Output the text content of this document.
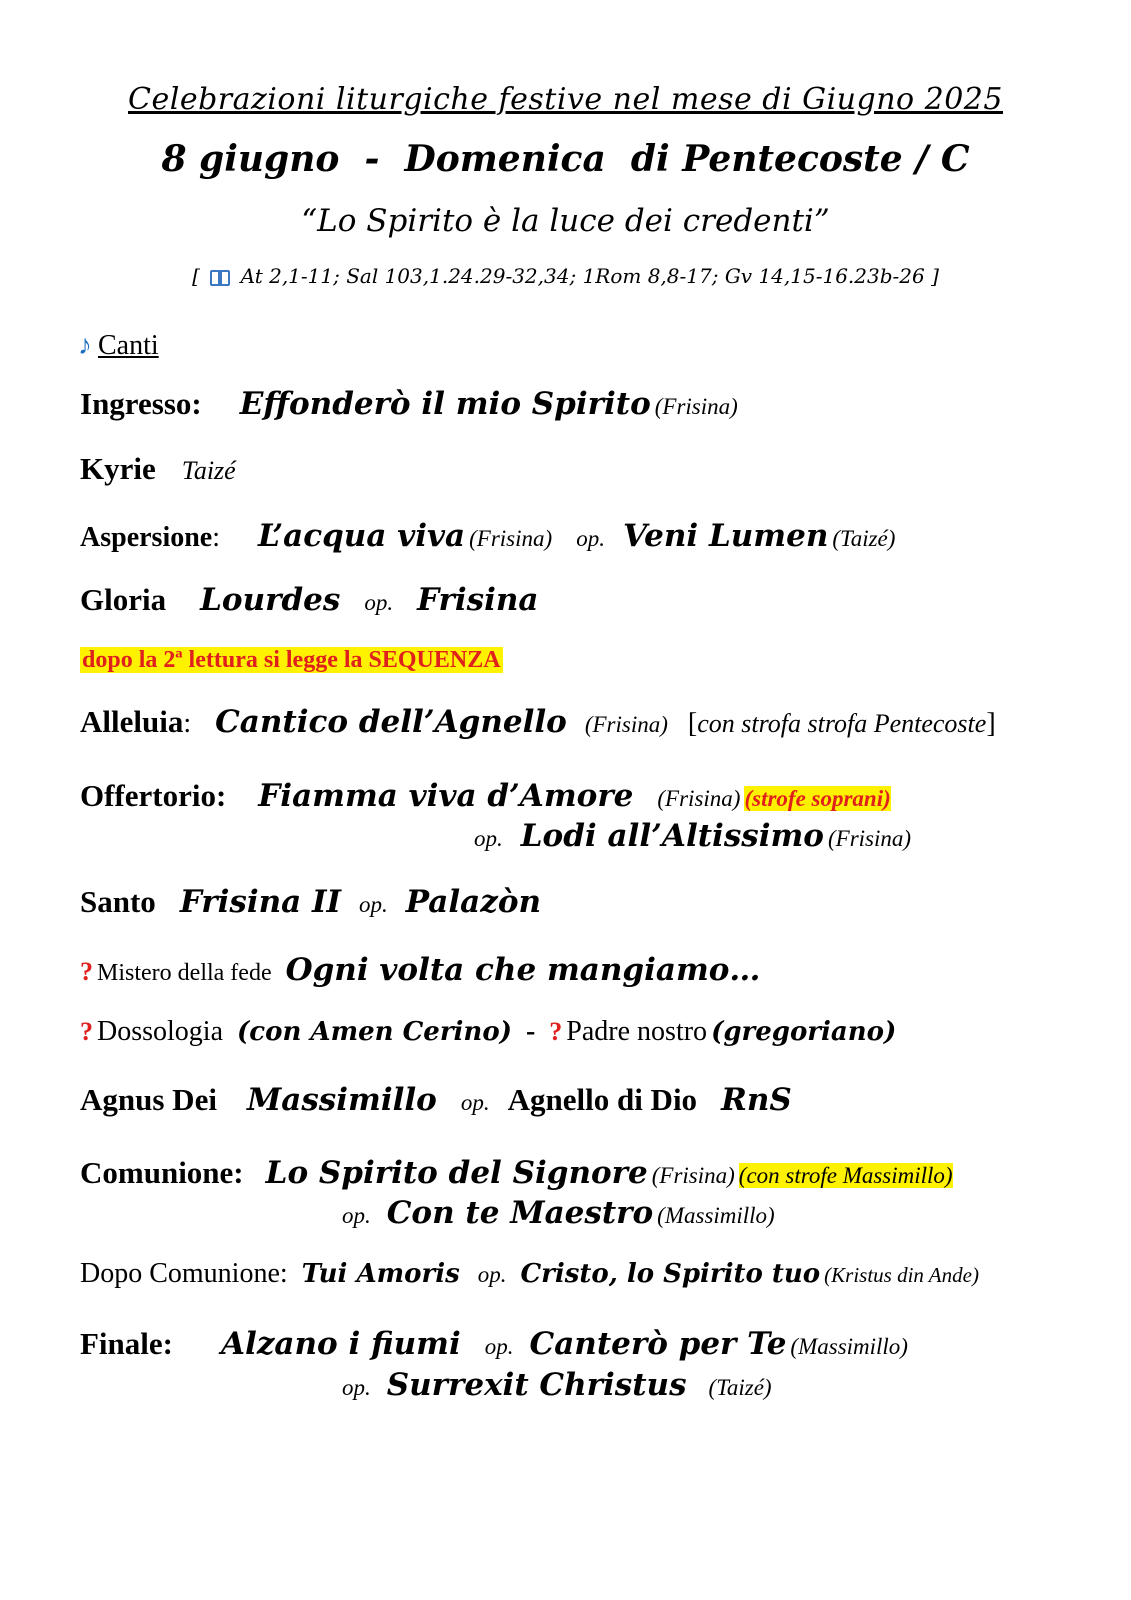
Celebrazioni liturgiche festive nel mese di Giugno 2025
8 giugno  -  Domenica  di Pentecoste / C
“Lo Spirito è la luce dei credenti”
[ At 2,1-11; Sal 103,1.24.29-32,34; 1Rom 8,8-17; Gv 14,15-16.23b-26 ]
♪ Canti
Ingresso: Effonderò il mio Spirito (Frisina)
Kyrie Taizé
Aspersione: L’acqua viva (Frisina) op. Veni Lumen (Taizé)
Gloria Lourdes op. Frisina
dopo la 2ª lettura si legge la SEQUENZA
Alleluia: Cantico dell’Agnello (Frisina) [con strofa strofa Pentecoste]
Offertorio: Fiamma viva d’Amore (Frisina) (strofe soprani)
op. Lodi all’Altissimo (Frisina)
Santo Frisina II op. Palazòn
? Mistero della fede Ogni volta che mangiamo…
? Dossologia (con Amen Cerino) - ? Padre nostro (gregoriano)
Agnus Dei Massimillo op. Agnello di Dio RnS
Comunione: Lo Spirito del Signore (Frisina) (con strofe Massimillo)
op. Con te Maestro (Massimillo)
Dopo Comunione: Tui Amoris op. Cristo, lo Spirito tuo (Kristus din Ande)
Finale: Alzano i fiumi op. Canterò per Te (Massimillo)
op. Surrexit Christus (Taizé)
